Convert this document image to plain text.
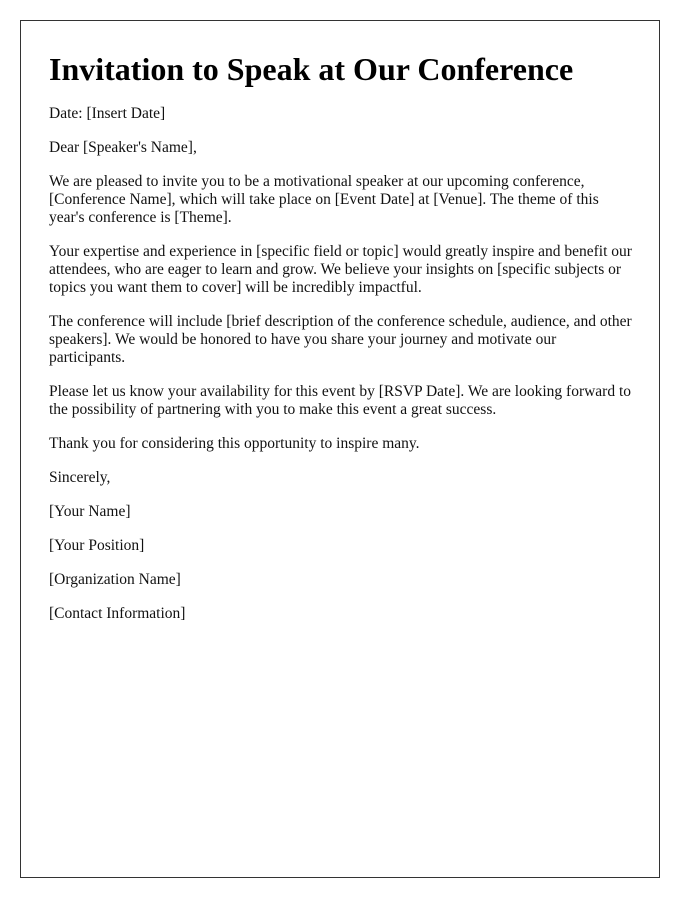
Invitation to Speak at Our Conference

Date: [Insert Date]

Dear [Speaker's Name],

We are pleased to invite you to be a motivational speaker at our upcoming conference, [Conference Name], which will take place on [Event Date] at [Venue]. The theme of this year's conference is [Theme].

Your expertise and experience in [specific field or topic] would greatly inspire and benefit our attendees, who are eager to learn and grow. We believe your insights on [specific subjects or topics you want them to cover] will be incredibly impactful.

The conference will include [brief description of the conference schedule, audience, and other speakers]. We would be honored to have you share your journey and motivate our participants.

Please let us know your availability for this event by [RSVP Date]. We are looking forward to the possibility of partnering with you to make this event a great success.

Thank you for considering this opportunity to inspire many.

Sincerely,

[Your Name]

[Your Position]

[Organization Name]

[Contact Information]
